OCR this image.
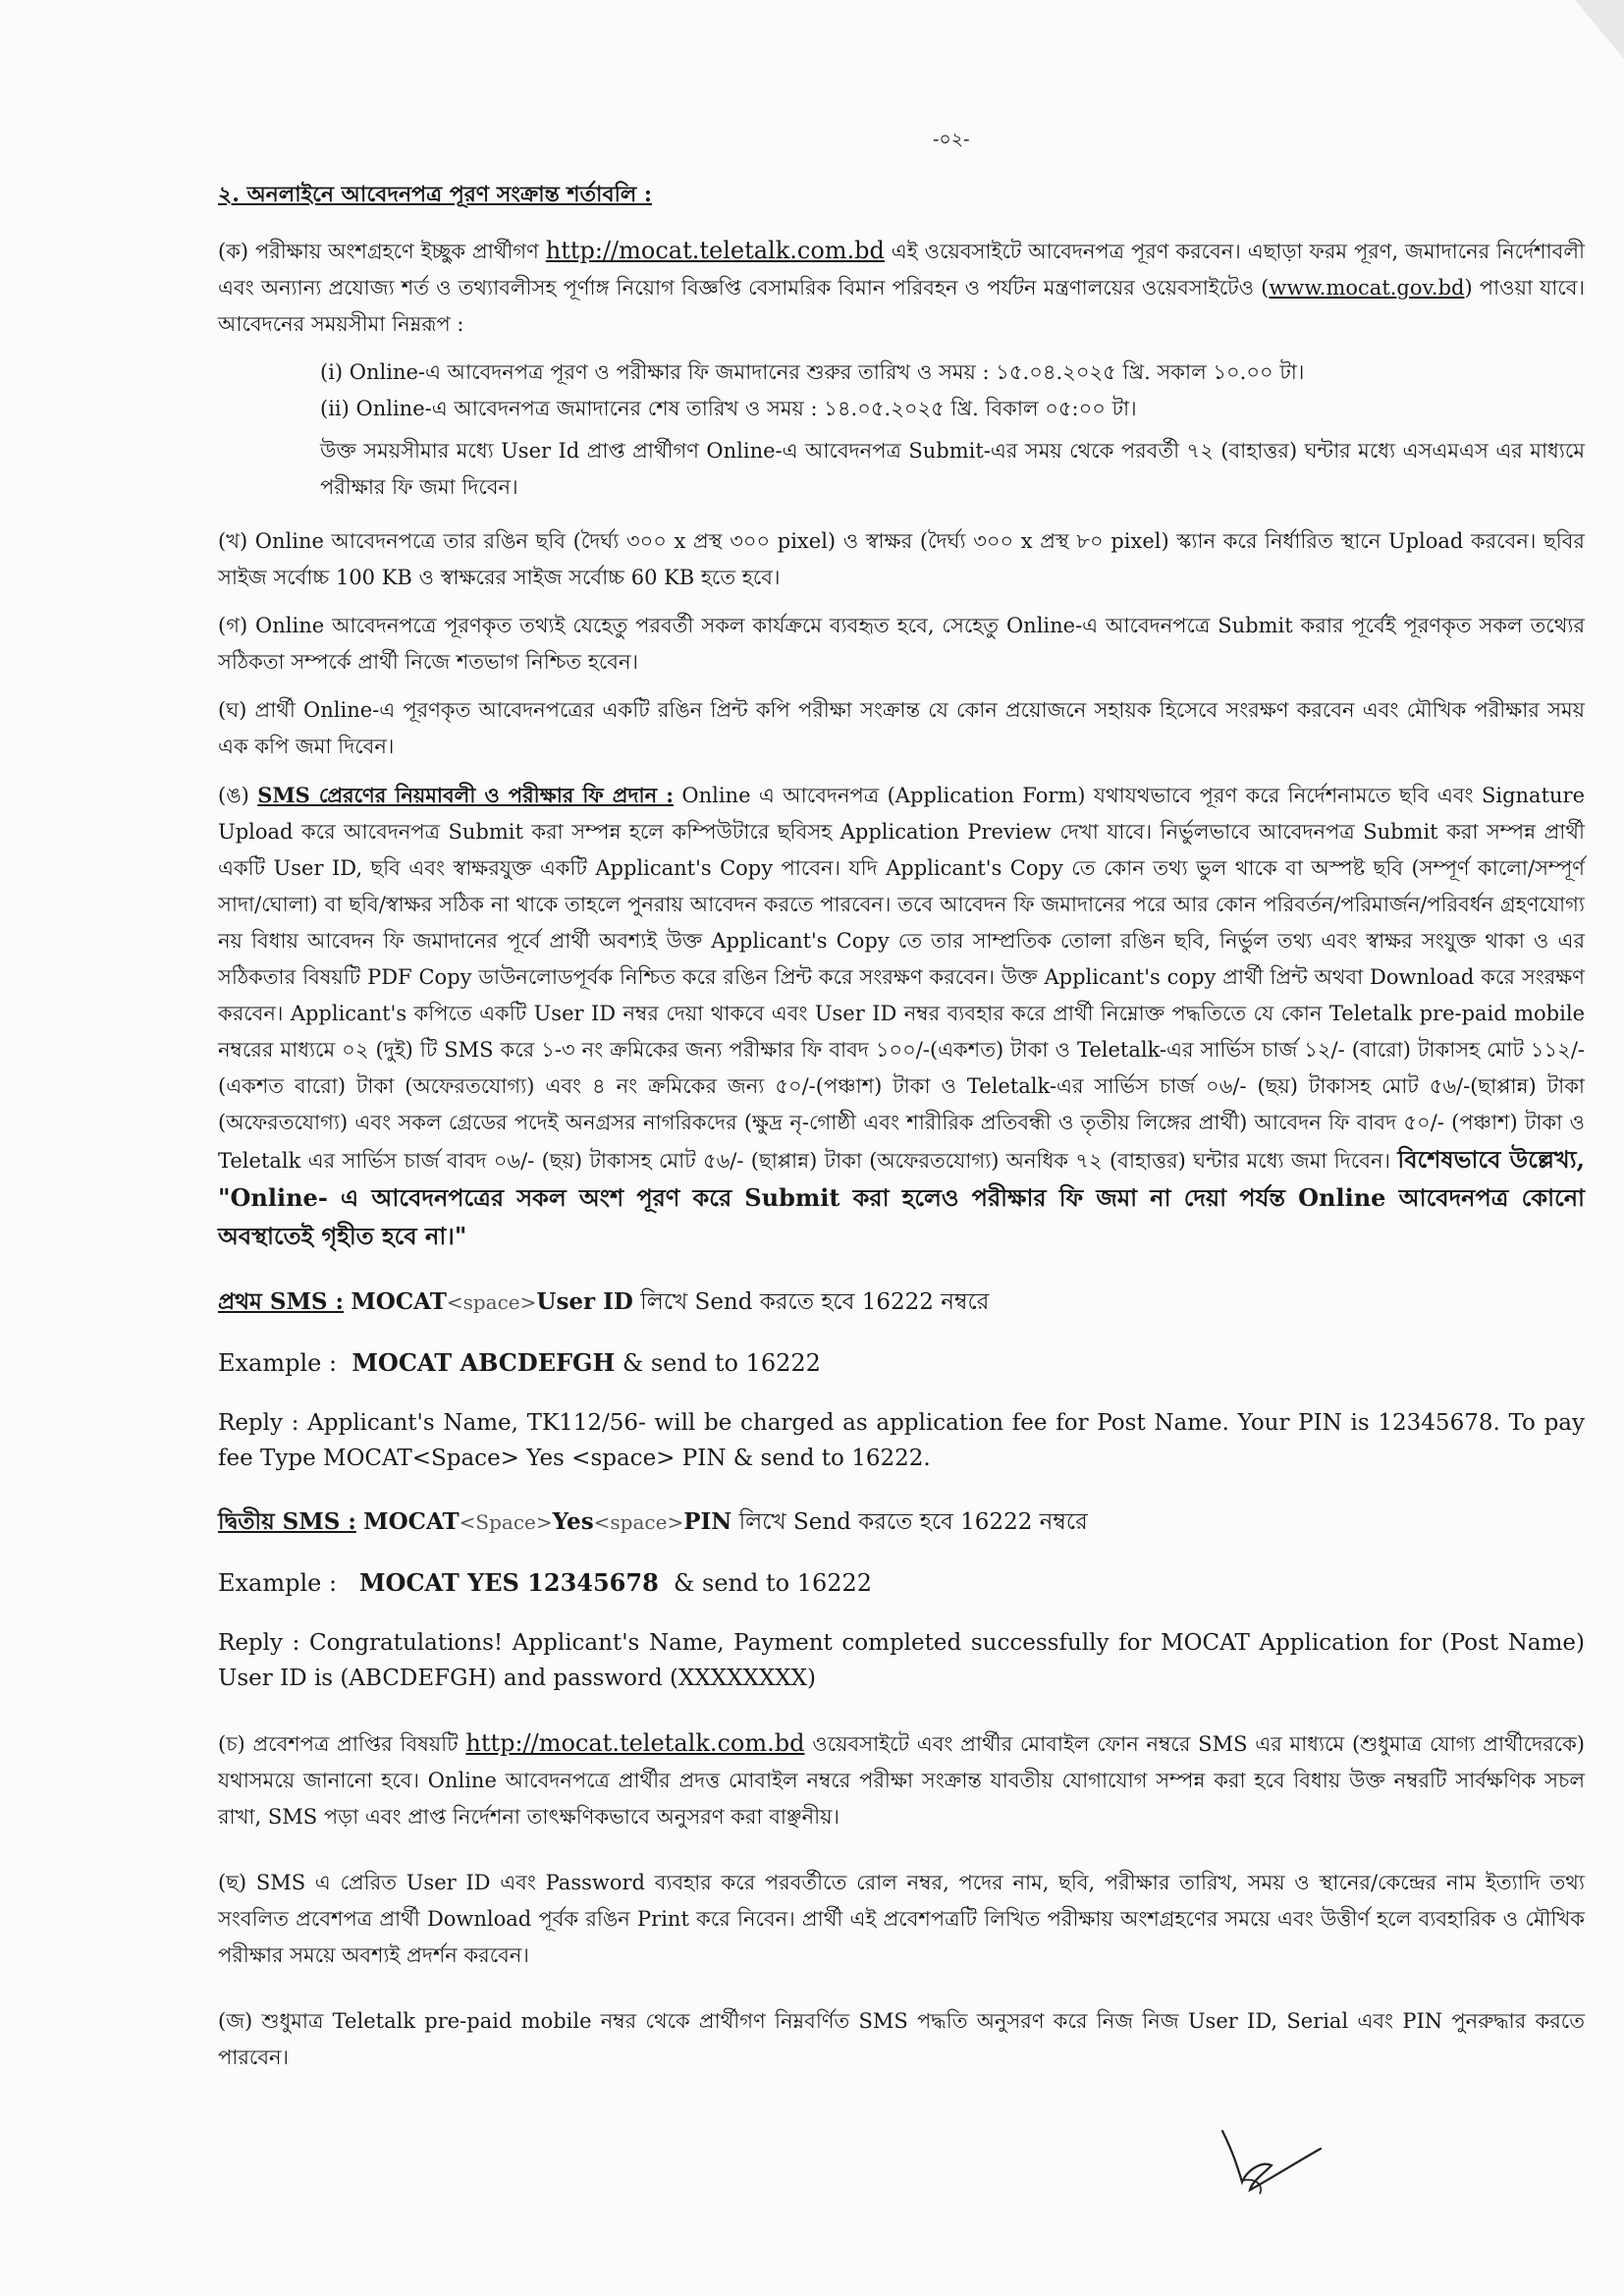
-০২-

২. অনলাইনে আবেদনপত্র পূরণ সংক্রান্ত শর্তাবলি :

(ক) পরীক্ষায় অংশগ্রহণে ইচ্ছুক প্রার্থীগণ http://mocat.teletalk.com.bd এই ওয়েবসাইটে আবেদনপত্র পূরণ করবেন। এছাড়া ফরম পূরণ, জমাদানের নির্দেশাবলী এবং অন্যান্য প্রযোজ্য শর্ত ও তথ্যাবলীসহ পূর্ণাঙ্গ নিয়োগ বিজ্ঞপ্তি বেসামরিক বিমান পরিবহন ও পর্যটন মন্ত্রণালয়ের ওয়েবসাইটেও (www.mocat.gov.bd) পাওয়া যাবে। আবেদনের সময়সীমা নিম্নরূপ :

(i) Online-এ আবেদনপত্র পূরণ ও পরীক্ষার ফি জমাদানের শুরুর তারিখ ও সময় : ১৫.০৪.২০২৫ খ্রি. সকাল ১০.০০ টা।

(ii) Online-এ আবেদনপত্র জমাদানের শেষ তারিখ ও সময় : ১৪.০৫.২০২৫ খ্রি. বিকাল ০৫:০০ টা।

উক্ত সময়সীমার মধ্যে User Id প্রাপ্ত প্রার্থীগণ Online-এ আবেদনপত্র Submit-এর সময় থেকে পরবর্তী ৭২ (বাহাত্তর) ঘন্টার মধ্যে এসএমএস এর মাধ্যমে পরীক্ষার ফি জমা দিবেন।

(খ) Online আবেদনপত্রে তার রঙিন ছবি (দৈর্ঘ্য ৩০০ x প্রস্থ ৩০০ pixel) ও স্বাক্ষর (দৈর্ঘ্য ৩০০ x প্রস্থ ৮০ pixel) স্ক্যান করে নির্ধারিত স্থানে Upload করবেন। ছবির সাইজ সর্বোচ্চ 100 KB ও স্বাক্ষরের সাইজ সর্বোচ্চ 60 KB হতে হবে।

(গ) Online আবেদনপত্রে পূরণকৃত তথ্যই যেহেতু পরবর্তী সকল কার্যক্রমে ব্যবহৃত হবে, সেহেতু Online-এ আবেদনপত্রে Submit করার পূর্বেই পূরণকৃত সকল তথ্যের সঠিকতা সম্পর্কে প্রার্থী নিজে শতভাগ নিশ্চিত হবেন।

(ঘ) প্রার্থী Online-এ পূরণকৃত আবেদনপত্রের একটি রঙিন প্রিন্ট কপি পরীক্ষা সংক্রান্ত যে কোন প্রয়োজনে সহায়ক হিসেবে সংরক্ষণ করবেন এবং মৌখিক পরীক্ষার সময় এক কপি জমা দিবেন।

(ঙ) SMS প্রেরণের নিয়মাবলী ও পরীক্ষার ফি প্রদান : Online এ আবেদনপত্র (Application Form) যথাযথভাবে পূরণ করে নির্দেশনামতে ছবি এবং Signature Upload করে আবেদনপত্র Submit করা সম্পন্ন হলে কম্পিউটারে ছবিসহ Application Preview দেখা যাবে। নির্ভুলভাবে আবেদনপত্র Submit করা সম্পন্ন প্রার্থী একটি User ID, ছবি এবং স্বাক্ষরযুক্ত একটি Applicant's Copy পাবেন। যদি Applicant's Copy তে কোন তথ্য ভুল থাকে বা অস্পষ্ট ছবি (সম্পূর্ণ কালো/সম্পূর্ণ সাদা/ঘোলা) বা ছবি/স্বাক্ষর সঠিক না থাকে তাহলে পুনরায় আবেদন করতে পারবেন। তবে আবেদন ফি জমাদানের পরে আর কোন পরিবর্তন/পরিমার্জন/পরিবর্ধন গ্রহণযোগ্য নয় বিধায় আবেদন ফি জমাদানের পূর্বে প্রার্থী অবশ্যই উক্ত Applicant's Copy তে তার সাম্প্রতিক তোলা রঙিন ছবি, নির্ভুল তথ্য এবং স্বাক্ষর সংযুক্ত থাকা ও এর সঠিকতার বিষয়টি PDF Copy ডাউনলোডপূর্বক নিশ্চিত করে রঙিন প্রিন্ট করে সংরক্ষণ করবেন। উক্ত Applicant's copy প্রার্থী প্রিন্ট অথবা Download করে সংরক্ষণ করবেন। Applicant's কপিতে একটি User ID নম্বর দেয়া থাকবে এবং User ID নম্বর ব্যবহার করে প্রার্থী নিম্নোক্ত পদ্ধতিতে যে কোন Teletalk pre-paid mobile নম্বরের মাধ্যমে ০২ (দুই) টি SMS করে ১-৩ নং ক্রমিকের জন্য পরীক্ষার ফি বাবদ ১০০/-(একশত) টাকা ও Teletalk-এর সার্ভিস চার্জ ১২/- (বারো) টাকাসহ মোট ১১২/-(একশত বারো) টাকা (অফেরতযোগ্য) এবং ৪ নং ক্রমিকের জন্য ৫০/-(পঞ্চাশ) টাকা ও Teletalk-এর সার্ভিস চার্জ ০৬/- (ছয়) টাকাসহ মোট ৫৬/-(ছাপ্পান্ন) টাকা (অফেরতযোগ্য) এবং সকল গ্রেডের পদেই অনগ্রসর নাগরিকদের (ক্ষুদ্র নৃ-গোষ্ঠী এবং শারীরিক প্রতিবন্ধী ও তৃতীয় লিঙ্গের প্রার্থী) আবেদন ফি বাবদ ৫০/- (পঞ্চাশ) টাকা ও Teletalk এর সার্ভিস চার্জ বাবদ ০৬/- (ছয়) টাকাসহ মোট ৫৬/- (ছাপ্পান্ন) টাকা (অফেরতযোগ্য) অনধিক ৭২ (বাহাত্তর) ঘন্টার মধ্যে জমা দিবেন। বিশেষভাবে উল্লেখ্য, "Online- এ আবেদনপত্রের সকল অংশ পূরণ করে Submit করা হলেও পরীক্ষার ফি জমা না দেয়া পর্যন্ত Online আবেদনপত্র কোনো অবস্থাতেই গৃহীত হবে না।"

প্রথম SMS : MOCAT<space>User ID লিখে Send করতে হবে 16222 নম্বরে

Example : MOCAT ABCDEFGH & send to 16222

Reply : Applicant's Name, TK112/56- will be charged as application fee for Post Name. Your PIN is 12345678. To pay fee Type MOCAT<Space> Yes <space> PIN & send to 16222.

দ্বিতীয় SMS : MOCAT<Space>Yes<space>PIN লিখে Send করতে হবে 16222 নম্বরে

Example : MOCAT YES 12345678 & send to 16222

Reply : Congratulations! Applicant's Name, Payment completed successfully for MOCAT Application for (Post Name) User ID is (ABCDEFGH) and password (XXXXXXXX)

(চ) প্রবেশপত্র প্রাপ্তির বিষয়টি http://mocat.teletalk.com.bd ওয়েবসাইটে এবং প্রার্থীর মোবাইল ফোন নম্বরে SMS এর মাধ্যমে (শুধুমাত্র যোগ্য প্রার্থীদেরকে) যথাসময়ে জানানো হবে। Online আবেদনপত্রে প্রার্থীর প্রদত্ত মোবাইল নম্বরে পরীক্ষা সংক্রান্ত যাবতীয় যোগাযোগ সম্পন্ন করা হবে বিধায় উক্ত নম্বরটি সার্বক্ষণিক সচল রাখা, SMS পড়া এবং প্রাপ্ত নির্দেশনা তাৎক্ষণিকভাবে অনুসরণ করা বাঞ্ছনীয়।

(ছ) SMS এ প্রেরিত User ID এবং Password ব্যবহার করে পরবর্তীতে রোল নম্বর, পদের নাম, ছবি, পরীক্ষার তারিখ, সময় ও স্থানের/কেন্দ্রের নাম ইত্যাদি তথ্য সংবলিত প্রবেশপত্র প্রার্থী Download পূর্বক রঙিন Print করে নিবেন। প্রার্থী এই প্রবেশপত্রটি লিখিত পরীক্ষায় অংশগ্রহণের সময়ে এবং উত্তীর্ণ হলে ব্যবহারিক ও মৌখিক পরীক্ষার সময়ে অবশ্যই প্রদর্শন করবেন।

(জ) শুধুমাত্র Teletalk pre-paid mobile নম্বর থেকে প্রার্থীগণ নিম্নবর্ণিত SMS পদ্ধতি অনুসরণ করে নিজ নিজ User ID, Serial এবং PIN পুনরুদ্ধার করতে পারবেন।
